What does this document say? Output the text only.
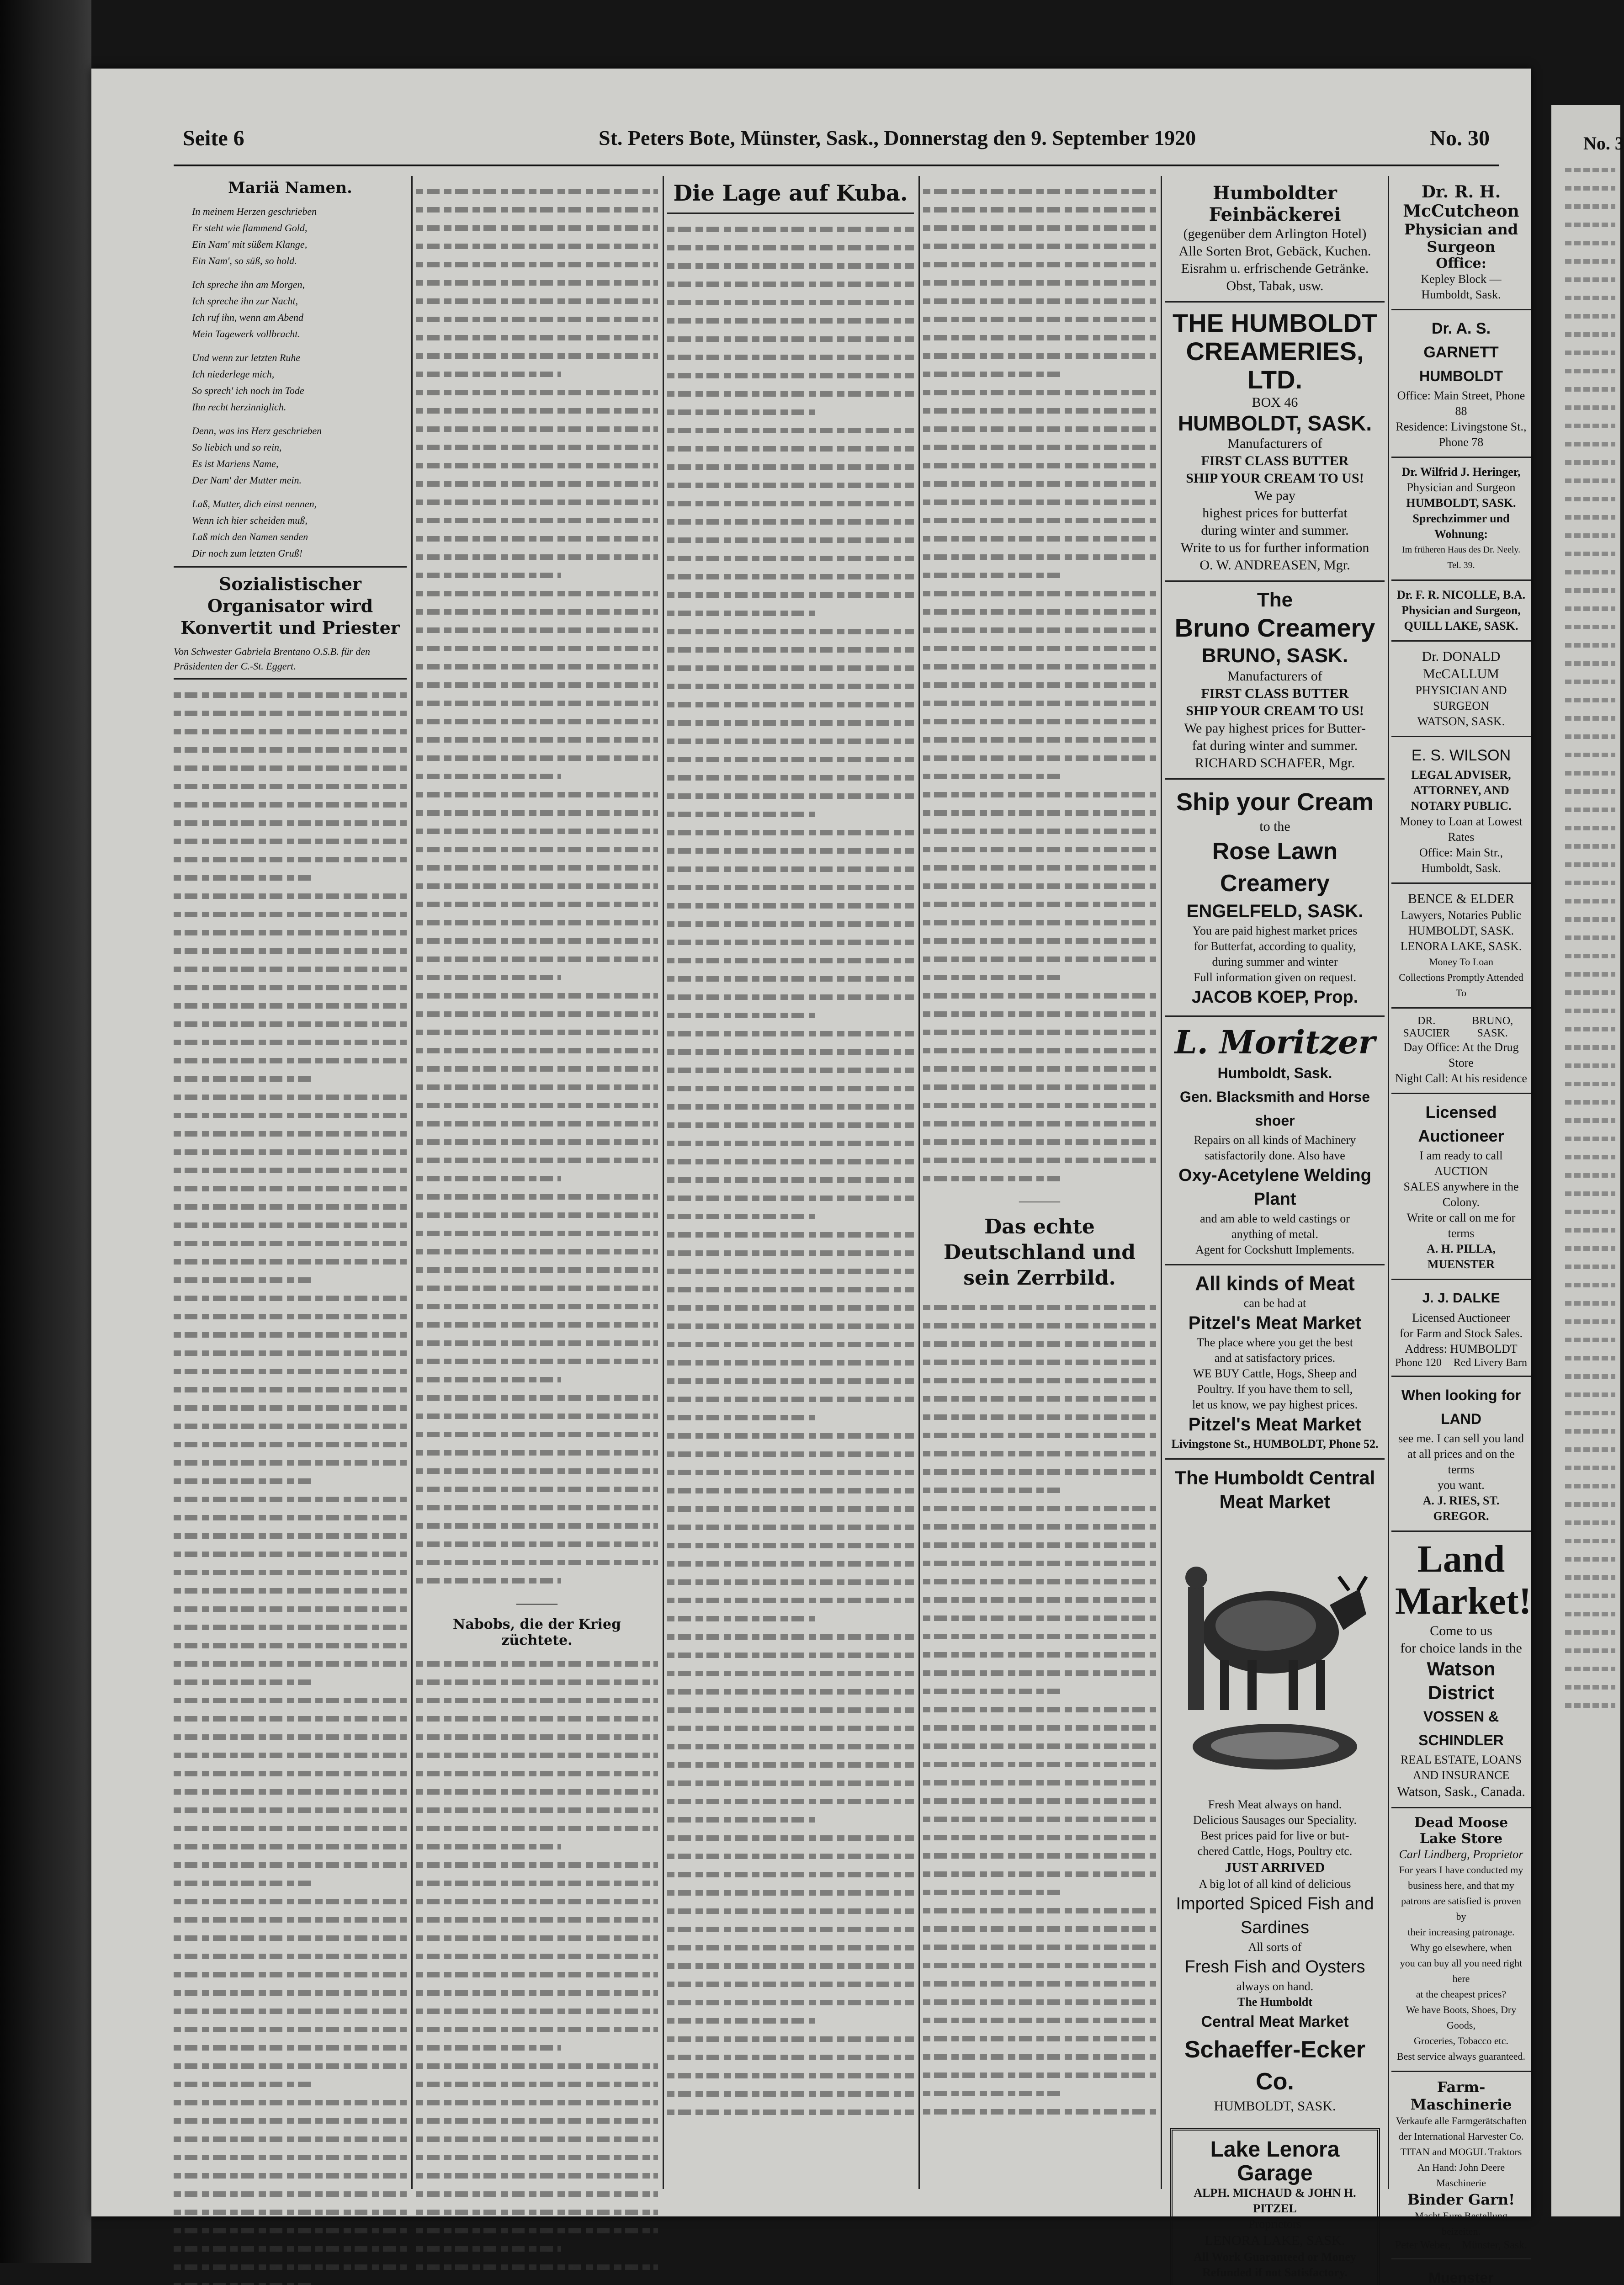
Seite 6	St. Peters Bote, Münster, Sask., Donnerstag den 9. September 1920	No. 30
Mariä Namen.
In meinem Herzen geschrieben
Er steht wie flammend Gold,
Ein Nam' mit süßem Klange,
Ein Nam', so süß, so hold.
Ich spreche ihn am Morgen,
Ich spreche ihn zur Nacht,
Ich ruf ihn, wenn am Abend
Mein Tagewerk vollbracht.
Und wenn zur letzten Ruhe
Ich niederlege mich,
So sprech' ich noch im Tode
Ihn recht herzinniglich.
Denn, was ins Herz geschrieben
So liebich und so rein,
Es ist Mariens Name,
Der Nam' der Mutter mein.
Laß, Mutter, dich einst nennen,
Wenn ich hier scheiden muß,
Laß mich den Namen senden
Dir noch zum letzten Gruß!
Sozialistischer Organisator wird Konvertit und Priester
Von Schwester Gabriela Brentano O.S.B. für den Präsidenten der C.-St. Eggert.
———
Nabobs, die der Krieg züchtete.
Die Lage auf Kuba.
———
Das echte Deutschland und sein Zerrbild.
Humboldter Feinbäckerei
(gegenüber dem Arlington Hotel)
Alle Sorten Brot, Gebäck, Kuchen.
Eisrahm u. erfrischende Getränke.
Obst, Tabak, usw.
THE HUMBOLDT CREAMERIES, LTD.
BOX 46
HUMBOLDT, SASK.
Manufacturers of
FIRST CLASS BUTTER
SHIP YOUR CREAM TO US!
We pay
highest prices for butterfat
during winter and summer.
Write to us for further information
O. W. ANDREASEN, Mgr.
The
Bruno Creamery
BRUNO, SASK.
Manufacturers of
FIRST CLASS BUTTER
SHIP YOUR CREAM TO US!
We pay highest prices for Butter-
fat during winter and summer.
RICHARD SCHAFER, Mgr.
Ship your Cream
to the
Rose Lawn Creamery
ENGELFELD, SASK.
You are paid highest market prices
for Butterfat, according to quality,
during summer and winter
Full information given on request.
JACOB KOEP, Prop.
L. Moritzer
Humboldt, Sask.
Gen. Blacksmith and Horse shoer
Repairs on all kinds of Machinery
satisfactorily done. Also have
Oxy-Acetylene Welding Plant
and am able to weld castings or
anything of metal.
Agent for Cockshutt Implements.
All kinds of Meat
can be had at
Pitzel's Meat Market
The place where you get the best
and at satisfactory prices.
WE BUY Cattle, Hogs, Sheep and
Poultry. If you have them to sell,
let us know, we pay highest prices.
Pitzel's Meat Market
Livingstone St., HUMBOLDT, Phone 52.
The Humboldt Central Meat Market
Fresh Meat always on hand.
Delicious Sausages our Speciality.
Best prices paid for live or but-
chered Cattle, Hogs, Poultry etc.
JUST ARRIVED
A big lot of all kind of delicious
Imported Spiced Fish and Sardines
All sorts of
Fresh Fish and Oysters
always on hand.
The Humboldt
Central Meat Market
Schaeffer-Ecker Co.
HUMBOLDT, SASK.
Lake Lenora
Garage
ALPH. MICHAUD & JOHN H. PITZEL
Proprietors
LENORA LAKE, SASK.
All Work Guaranteed or Money Refunded if not Satisfactory.
Dr. R. H. McCutcheon
Physician and Surgeon
Office:
Kepley Block — Humboldt, Sask.
Dr. A. S. GARNETT
HUMBOLDT
Office: Main Street, Phone 88
Residence: Livingstone St., Phone 78
Dr. Wilfrid J. Heringer,
Physician and Surgeon
HUMBOLDT, SASK.
Sprechzimmer und Wohnung:
Im früheren Haus des Dr. Neely. Tel. 39.
Dr. F. R. NICOLLE, B.A.
Physician and Surgeon,
QUILL LAKE, SASK.
Dr. DONALD McCALLUM
PHYSICIAN AND SURGEON
WATSON, SASK.
E. S. WILSON
LEGAL ADVISER, ATTORNEY, AND NOTARY PUBLIC.
Money to Loan at Lowest Rates
Office: Main Str., Humboldt, Sask.
BENCE & ELDER
Lawyers, Notaries Public
HUMBOLDT, SASK.
LENORA LAKE, SASK.
Money To Loan
Collections Promptly Attended To
DR. SAUCIER
BRUNO, SASK.
Day Office: At the Drug Store
Night Call: At his residence
Licensed Auctioneer
I am ready to call AUCTION
SALES anywhere in the Colony.
Write or call on me for terms
A. H. PILLA, MUENSTER
J. J. DALKE
Licensed Auctioneer
for Farm and Stock Sales.
Address: HUMBOLDT
Phone 120 Red Livery Barn
When looking for LAND
see me. I can sell you land
at all prices and on the terms
you want.
A. J. RIES, ST. GREGOR.
Land
Market!
Come to us
for choice lands in the
Watson District
VOSSEN & SCHINDLER
REAL ESTATE, LOANS
AND INSURANCE
Watson, Sask., Canada.
Dead Moose Lake Store
Carl Lindberg, Proprietor
For years I have conducted my
business here, and that my
patrons are satisfied is proven by
their increasing patronage.
Why go elsewhere, when
you can buy all you need right here
at the cheapest prices?
We have Boots, Shoes, Dry Goods,
Groceries, Tobacco etc.
Best service always guaranteed.
Farm-Maschinerie
Verkaufe alle Farmgerätschaften
der International Harvester Co.
TITAN and MOGUL Traktors
An Hand: John Deere Maschinerie
Binder Garn!
Macht Eure Bestellung beizeiten.
Peter Weber, Münster, Sask.
Muenster
No. 3
